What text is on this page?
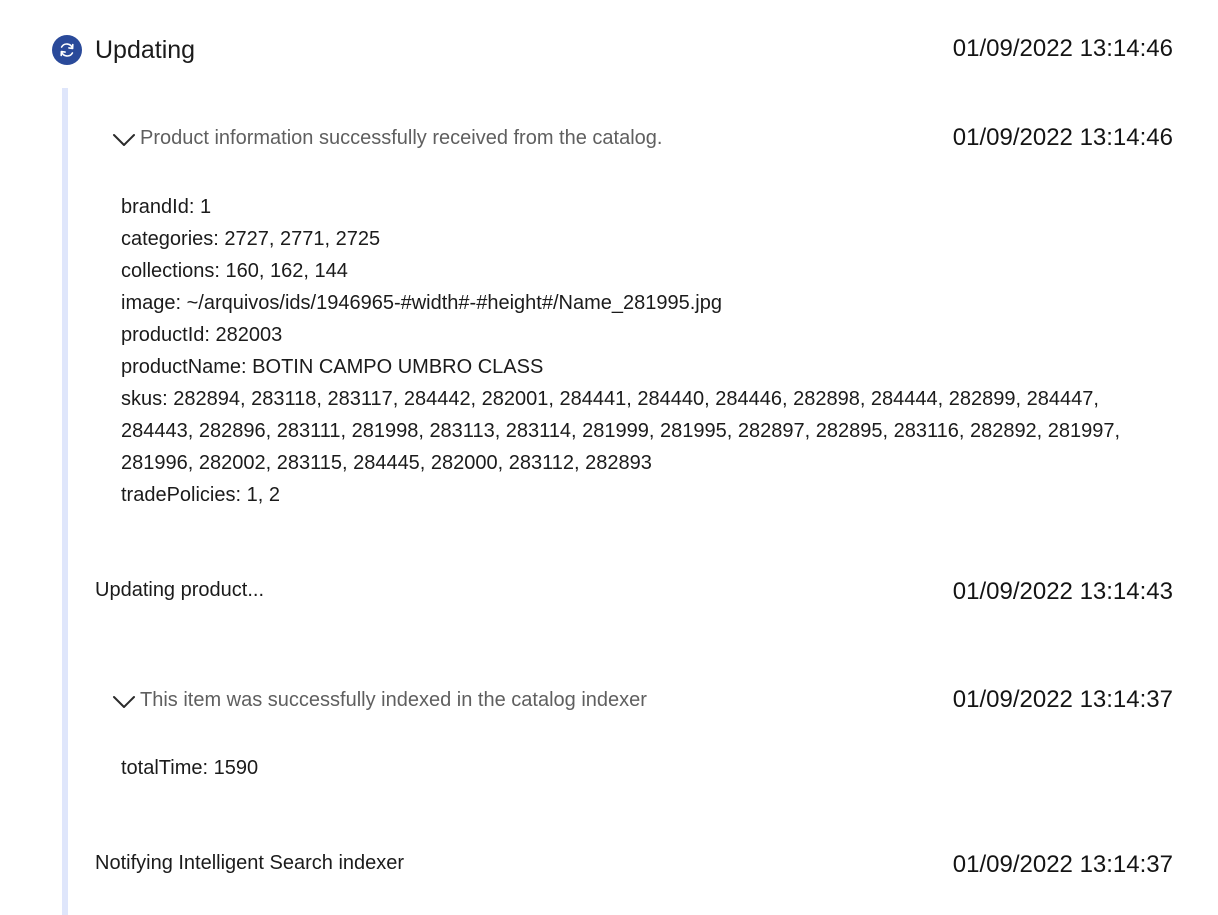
Updating	01/09/2022 13:14:46
Product information successfully received from the catalog.	01/09/2022 13:14:46
brandId: 1
categories: 2727, 2771, 2725
collections: 160, 162, 144
image: ~/arquivos/ids/1946965-#width#-#height#/Name_281995.jpg
productId: 282003
productName: BOTIN CAMPO UMBRO CLASS
skus: 282894, 283118, 283117, 284442, 282001, 284441, 284440, 284446, 282898, 284444, 282899, 284447, 284443, 282896, 283111, 281998, 283113, 283114, 281999, 281995, 282897, 282895, 283116, 282892, 281997, 281996, 282002, 283115, 284445, 282000, 283112, 282893
tradePolicies: 1, 2
Updating product...	01/09/2022 13:14:43
This item was successfully indexed in the catalog indexer	01/09/2022 13:14:37
totalTime: 1590
Notifying Intelligent Search indexer	01/09/2022 13:14:37
